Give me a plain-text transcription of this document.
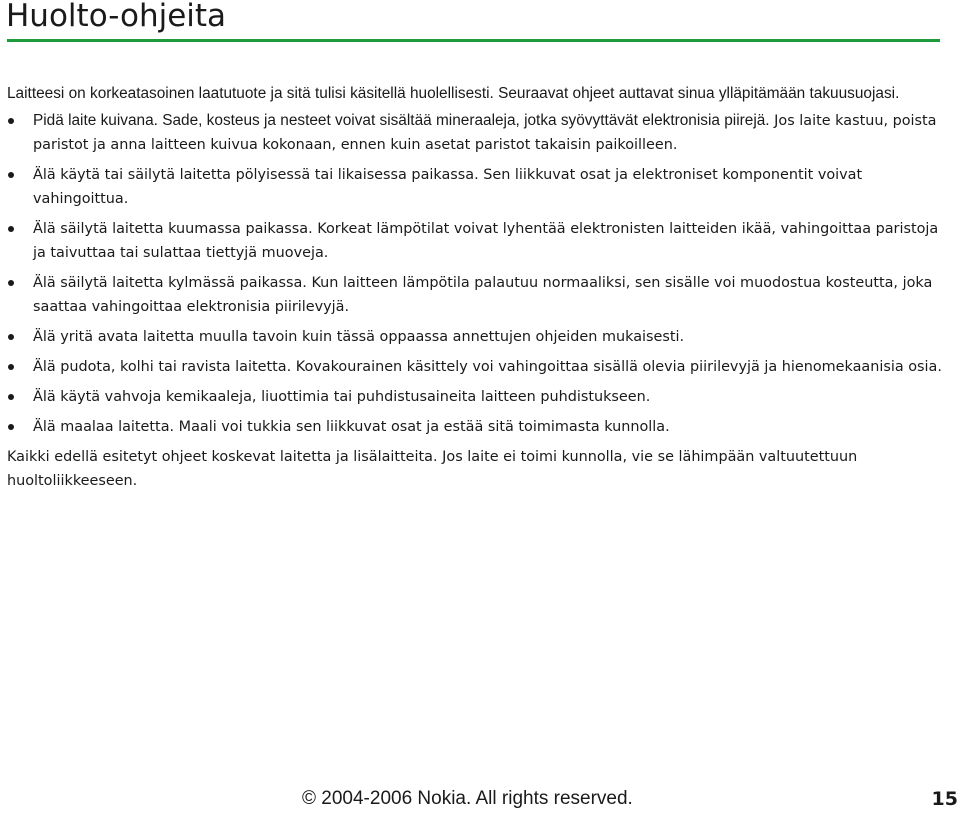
Huolto-ohjeita

Laitteesi on korkeatasoinen laatutuote ja sitä tulisi käsitellä huolellisesti. Seuraavat ohjeet auttavat sinua ylläpitämään takuusuojasi.

Pidä laite kuivana. Sade, kosteus ja nesteet voivat sisältää mineraaleja, jotka syövyttävät elektronisia piirejä. Jos laite kastuu, poista paristot ja anna laitteen kuivua kokonaan, ennen kuin asetat paristot takaisin paikoilleen.
Älä käytä tai säilytä laitetta pölyisessä tai likaisessa paikassa. Sen liikkuvat osat ja elektroniset komponentit voivat vahingoittua.
Älä säilytä laitetta kuumassa paikassa. Korkeat lämpötilat voivat lyhentää elektronisten laitteiden ikää, vahingoittaa paristoja ja taivuttaa tai sulattaa tiettyjä muoveja.
Älä säilytä laitetta kylmässä paikassa. Kun laitteen lämpötila palautuu normaaliksi, sen sisälle voi muodostua kosteutta, joka saattaa vahingoittaa elektronisia piirilevyjä.
Älä yritä avata laitetta muulla tavoin kuin tässä oppaassa annettujen ohjeiden mukaisesti.
Älä pudota, kolhi tai ravista laitetta. Kovakourainen käsittely voi vahingoittaa sisällä olevia piirilevyjä ja hienomekaanisia osia.
Älä käytä vahvoja kemikaaleja, liuottimia tai puhdistusaineita laitteen puhdistukseen.
Älä maalaa laitetta. Maali voi tukkia sen liikkuvat osat ja estää sitä toimimasta kunnolla.

Kaikki edellä esitetyt ohjeet koskevat laitetta ja lisälaitteita. Jos laite ei toimi kunnolla, vie se lähimpään valtuutettuun huoltoliikkeeseen.

© 2004-2006 Nokia. All rights reserved.	15
